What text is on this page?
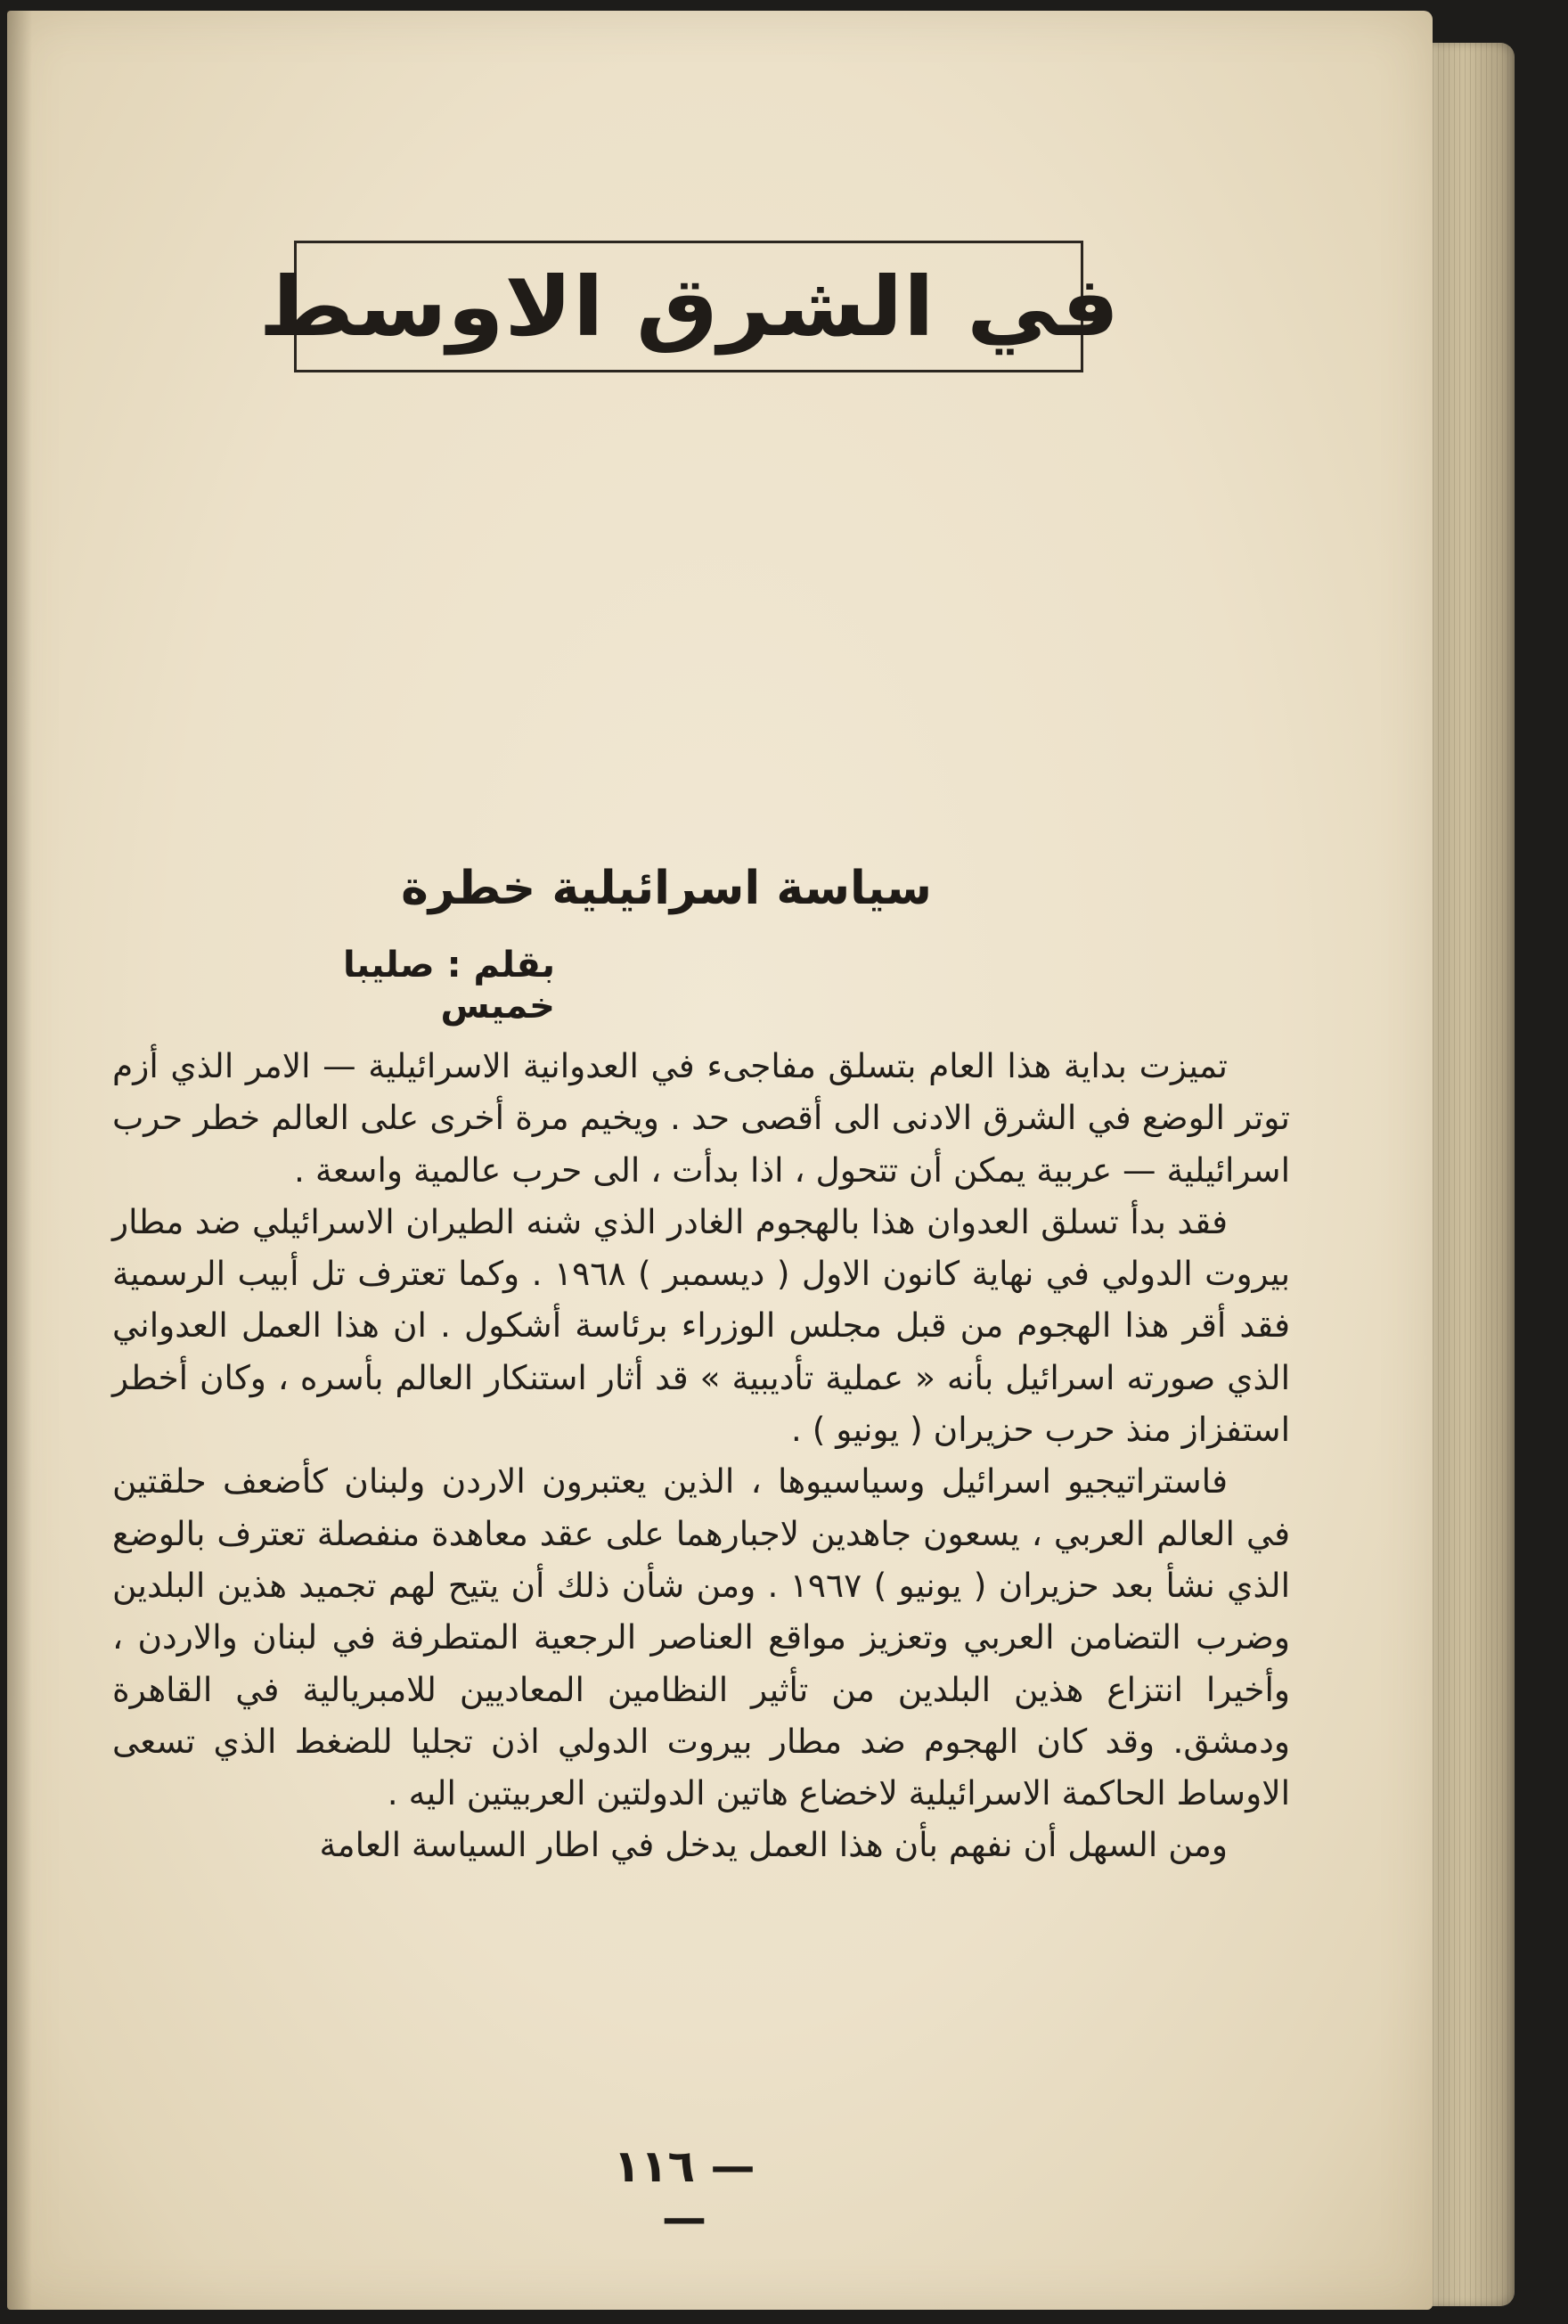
في الشرق الاوسط
سياسة اسرائيلية خطرة
بقلم : صليبا خميس

تميزت بداية هذا العام بتسلق مفاجىء في العدوانية الاسرائيلية — الامر الذي أزم توتر الوضع في الشرق الادنى الى أقصى حد . ويخيم مرة أخرى على العالم خطر حرب اسرائيلية — عربية يمكن أن تتحول ، اذا بدأت ، الى حرب عالمية واسعة .

فقد بدأ تسلق العدوان هذا بالهجوم الغادر الذي شنه الطيران الاسرائيلي ضد مطار بيروت الدولي في نهاية كانون الاول ( ديسمبر ) ١٩٦٨ . وكما تعترف تل أبيب الرسمية فقد أقر هذا الهجوم من قبل مجلس الوزراء برئاسة أشكول . ان هذا العمل العدواني الذي صورته اسرائيل بأنه « عملية تأديبية » قد أثار استنكار العالم بأسره ، وكان أخطر استفزاز منذ حرب حزيران ( يونيو ) .

فاستراتيجيو اسرائيل وسياسيوها ، الذين يعتبرون الاردن ولبنان كأضعف حلقتين في العالم العربي ، يسعون جاهدين لاجبارهما على عقد معاهدة منفصلة تعترف بالوضع الذي نشأ بعد حزيران ( يونيو ) ١٩٦٧ . ومن شأن ذلك أن يتيح لهم تجميد هذين البلدين وضرب التضامن العربي وتعزيز مواقع العناصر الرجعية المتطرفة في لبنان والاردن ، وأخيرا انتزاع هذين البلدين من تأثير النظامين المعاديين للامبريالية في القاهرة ودمشق. وقد كان الهجوم ضد مطار بيروت الدولي اذن تجليا للضغط الذي تسعى الاوساط الحاكمة الاسرائيلية لاخضاع هاتين الدولتين العربيتين اليه .

ومن السهل أن نفهم بأن هذا العمل يدخل في اطار السياسة العامة

— ١١٦ —
